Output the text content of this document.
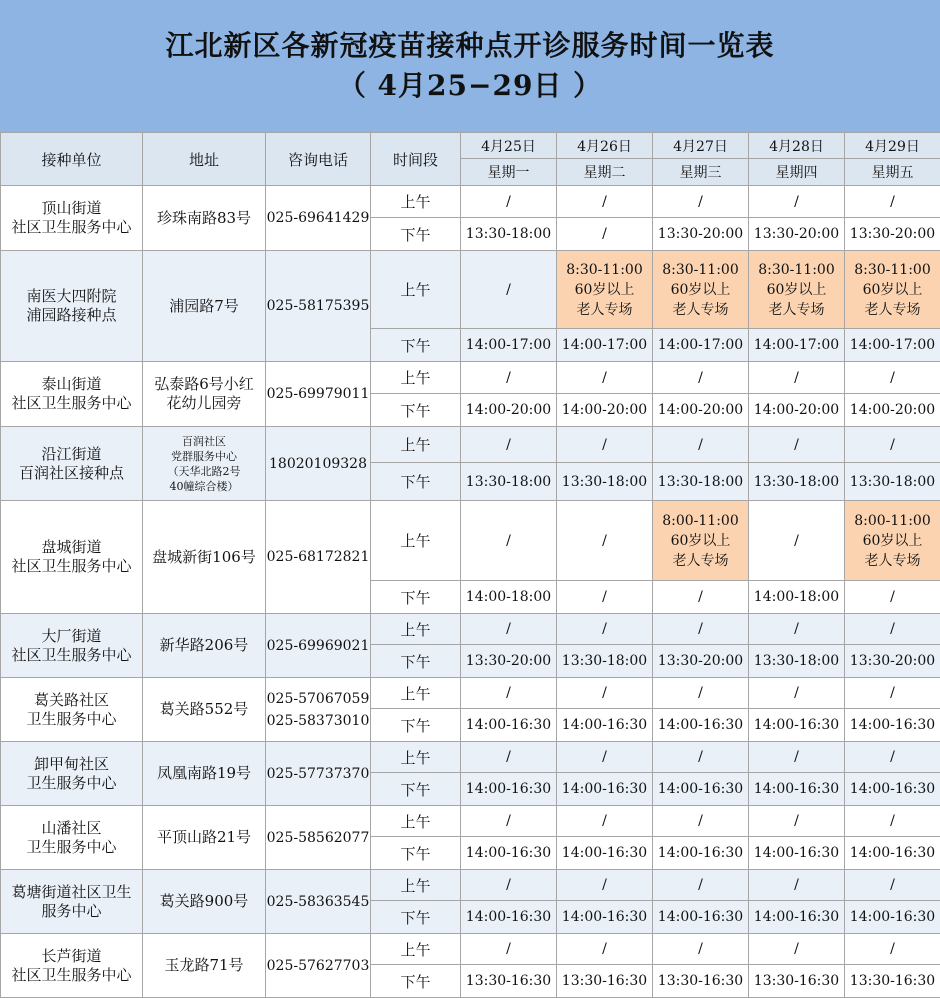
江北新区各新冠疫苗接种点开诊服务时间一览表
（ 4月25−29日 ）
接种单位	地址	咨询电话	时间段	4月25日	4月26日	4月27日	4月28日	4月29日
				星期一	星期二	星期三	星期四	星期五

顶山街道
社区卫生服务中心	珍珠南路83号	025-69641429	上午	/	/	/	/	/
			下午	13:30-18:00	/	13:30-20:00	13:30-20:00	13:30-20:00

南医大四附院
浦园路接种点	浦园路7号	025-58175395	上午	/	8:30-11:00
60岁以上
老人专场	8:30-11:00
60岁以上
老人专场	8:30-11:00
60岁以上
老人专场	8:30-11:00
60岁以上
老人专场

			下午	14:00-17:00	14:00-17:00	14:00-17:00	14:00-17:00	14:00-17:00

泰山街道
社区卫生服务中心	弘泰路6号小红
花幼儿园旁	025-69979011	上午	/	/	/	/	/
			下午	14:00-20:00	14:00-20:00	14:00-20:00	14:00-20:00	14:00-20:00

沿江街道
百润社区接种点	百润社区
党群服务中心
（天华北路2号
40幢综合楼）	18020109328	上午	/	/	/	/	/
			下午	13:30-18:00	13:30-18:00	13:30-18:00	13:30-18:00	13:30-18:00

盘城街道
社区卫生服务中心	盘城新街106号	025-68172821	上午	/	/	8:00-11:00
60岁以上
老人专场	/	8:00-11:00
60岁以上
老人专场

			下午	14:00-18:00	/	/	14:00-18:00	/

大厂街道
社区卫生服务中心	新华路206号	025-69969021	上午	/	/	/	/	/
			下午	13:30-20:00	13:30-18:00	13:30-20:00	13:30-18:00	13:30-20:00

葛关路社区
卫生服务中心	葛关路552号	025-57067059
025-58373010	上午	/	/	/	/	/
			下午	14:00-16:30	14:00-16:30	14:00-16:30	14:00-16:30	14:00-16:30

卸甲甸社区
卫生服务中心	凤凰南路19号	025-57737370	上午	/	/	/	/	/
			下午	14:00-16:30	14:00-16:30	14:00-16:30	14:00-16:30	14:00-16:30

山潘社区
卫生服务中心	平顶山路21号	025-58562077	上午	/	/	/	/	/
			下午	14:00-16:30	14:00-16:30	14:00-16:30	14:00-16:30	14:00-16:30

葛塘街道社区卫生
服务中心	葛关路900号	025-58363545	上午	/	/	/	/	/
			下午	14:00-16:30	14:00-16:30	14:00-16:30	14:00-16:30	14:00-16:30

长芦街道
社区卫生服务中心	玉龙路71号	025-57627703	上午	/	/	/	/	/
			下午	13:30-16:30	13:30-16:30	13:30-16:30	13:30-16:30	13:30-16:30
